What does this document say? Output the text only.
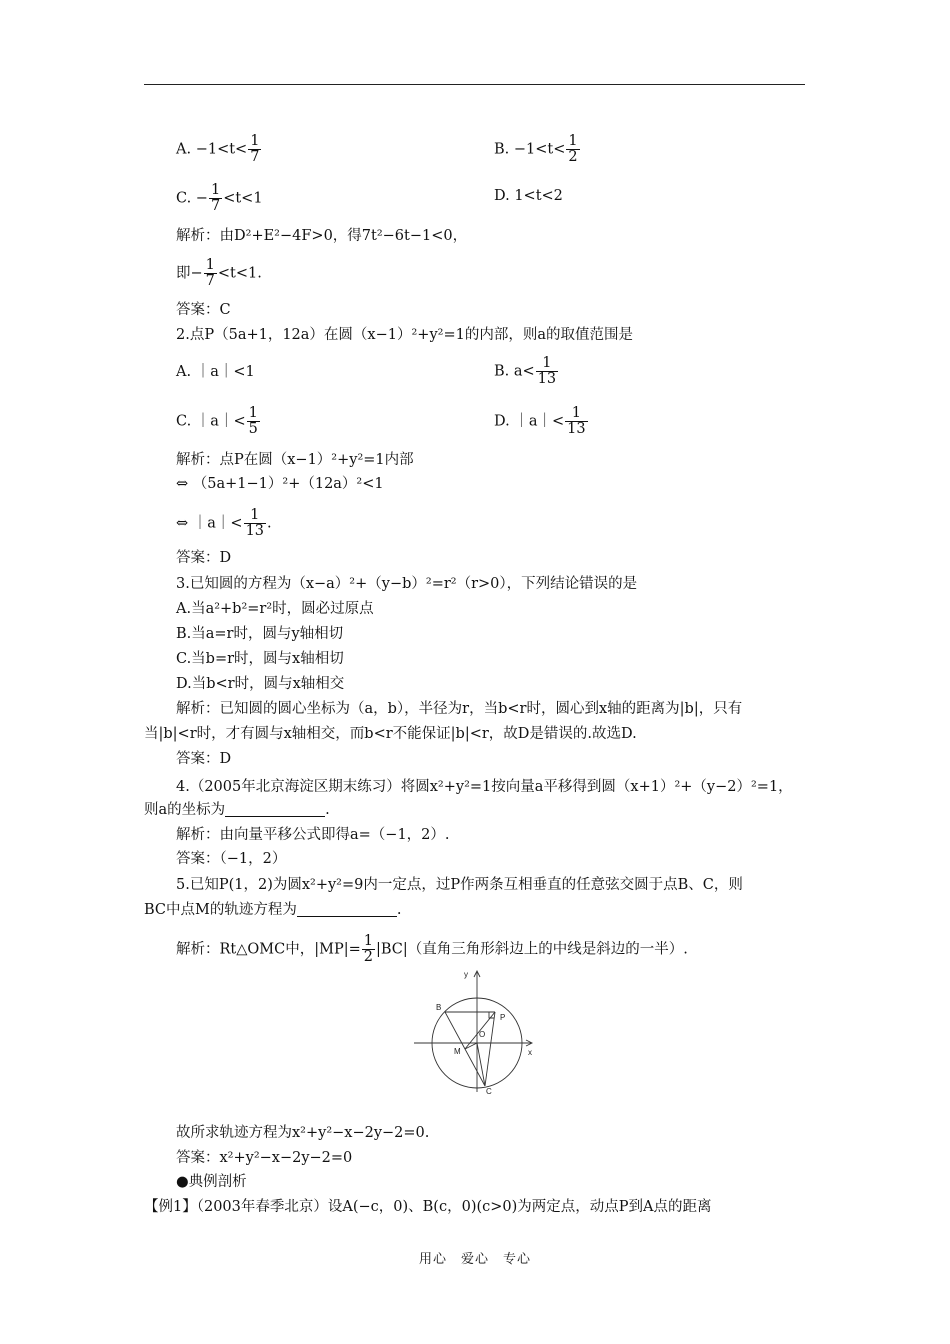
A. $-1<t< \frac{1}{7}$	B. $-1<t< \frac{1}{2}$
C. − $\frac{1}{7} <t<1$	D. 1<t<2
解析：由D²+E²−4F>0，得7t²−6t−1<0，
即− $\frac{1}{7} <t<1$.
答案：C
2.点P（5a+1，12a）在圆（x−1）²+y²=1的内部，则a的取值范围是
A. ｜a｜<1	B. $a< \frac{1}{13}$
C. ｜a｜< $\frac{1}{5}$	D. ｜a｜< $\frac{1}{13}$
解析：点P在圆（x−1）²+y²=1内部
⇔ （5a+1−1）²+（12a）²<1
⇔ ｜a｜< $\frac{1}{13}$ .
答案：D
3.已知圆的方程为（x−a）²+（y−b）²=r²（r>0），下列结论错误的是
A.当a²+b²=r²时，圆必过原点
B.当a=r时，圆与y轴相切
C.当b=r时，圆与x轴相切
D.当b<r时，圆与x轴相交
解析：已知圆的圆心坐标为（a，b），半径为r，当b<r时，圆心到x轴的距离为|b|，只有
当|b|<r时，才有圆与x轴相交，而b<r不能保证|b|<r，故D是错误的.故选D.
答案：D
4.（2005年北京海淀区期末练习）将圆x²+y²=1按向量a平移得到圆（x+1）²+（y−2）²=1，
则a的坐标为	.
解析：由向量平移公式即得a=（−1，2）.
答案：（−1，2）
5.已知P(1，2)为圆x²+y²=9内一定点，过P作两条互相垂直的任意弦交圆于点B、C，则
BC中点M的轨迹方程为	.
解析：Rt△OMC中，$|MP|= \frac{1}{2} |BC|$（直角三角形斜边上的中线是斜边的一半）.
y
x
B
P
O
M
C
故所求轨迹方程为x²+y²−x−2y−2=0.
答案：x²+y²−x−2y−2=0
●典例剖析
【例1】（2003年春季北京）设A(−c，0)、B(c，0)(c>0)为两定点，动点P到A点的距离
用心　爱心　专心
